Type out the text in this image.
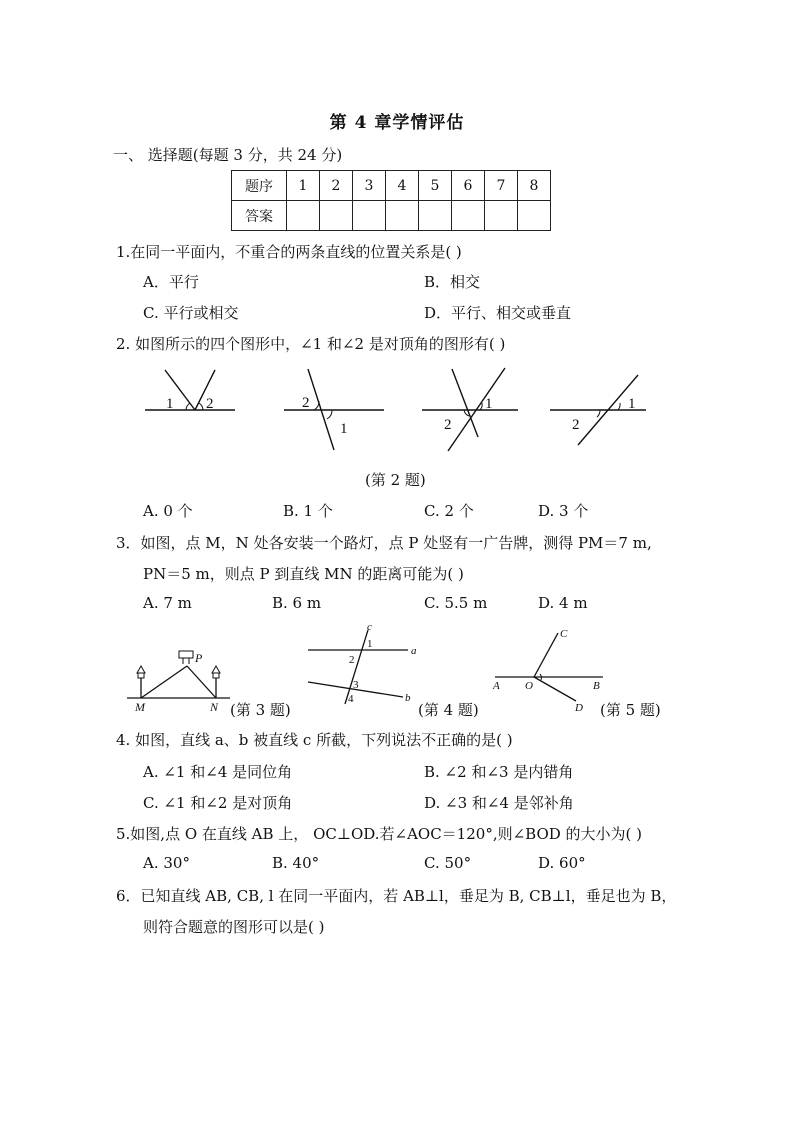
第 4 章学情评估
一、 选择题(每题 3 分，共 24 分)
题序	1	2	3	4	5	6	7	8
答案								
1.在同一平面内，不重合的两条直线的位置关系是( )
A．平行	B．相交
C. 平行或相交	D．平行、相交或垂直
2. 如图所示的四个图形中，∠1 和∠2 是对顶角的图形有( )
1 2	2
1
1
2
1
2
(第 2 题)
A. 0 个	B. 1 个	C. 2 个	D. 3 个
3．如图，点 M，N 处各安装一个路灯，点 P 处竖有一广告牌，测得 PM＝7 m,
PN＝5 m，则点 P 到直线 MN 的距离可能为( )
A. 7 m	B. 6 m	C. 5.5 m	D. 4 m
P
M	N (第 3 题)
c
a
b
1
2
3
4
(第 4 题)
C
A O	B
D (第 5 题)
4. 如图，直线 a、b 被直线 c 所截，下列说法不正确的是( )
A. ∠1 和∠4 是同位角	B. ∠2 和∠3 是内错角
C. ∠1 和∠2 是对顶角	D. ∠3 和∠4 是邻补角
5.如图,点 O 在直线 AB 上， OC⊥OD.若∠AOC＝120°,则∠BOD 的大小为( )
A. 30°	B. 40°	C. 50°	D. 60°
6．已知直线 AB, CB, l 在同一平面内，若 AB⊥l，垂足为 B, CB⊥l，垂足也为 B，
则符合题意的图形可以是( )
